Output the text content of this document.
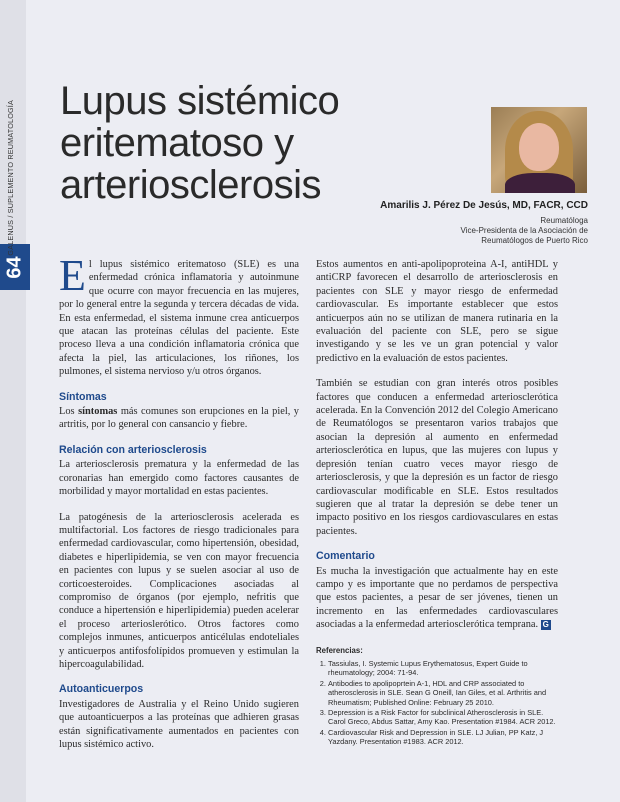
64
GALENUS / SUPLEMENTO REUMATOLOGÍA Lupus sistémico
eritematoso y
arteriosclerosis	Amarilis J. Pérez De Jesús, MD, FACR, CCD
Reumatóloga
Vice-Presidenta de la Asociación de
Reumatólogos de Puerto Rico

El lupus sistémico eritematoso (SLE) es una enfermedad crónica inflamatoria y autoinmune que ocurre con mayor frecuencia en las mujeres, por lo general entre la segunda y tercera décadas de vida. En esta enfermedad, el sistema inmune crea anticuerpos que atacan las proteínas células del paciente. Este proceso lleva a una condición inflamatoria crónica que afecta la piel, las articulaciones, los riñones, los pulmones, el sistema nervioso y/u otros órganos.

Síntomas

Los síntomas más comunes son erupciones en la piel, y artritis, por lo general con cansancio y fiebre.

Relación con arteriosclerosis

La arteriosclerosis prematura y la enfermedad de las coronarias han emergido como factores causantes de morbilidad y mayor mortalidad en estas pacientes.

La patogénesis de la arteriosclerosis acelerada es multifactorial. Los factores de riesgo tradicionales para enfermedad cardiovascular, como hipertensión, obesidad, diabetes e hiperlipidemia, se ven con mayor frecuencia en pacientes con lupus y se suelen asociar al uso de corticoesteroides. Complicaciones asociadas al compromiso de órganos (por ejemplo, nefritis que conduce a hipertensión e hiperlipidemia) pueden acelerar el proceso arterioslerótico. Otros factores como complejos inmunes, anticuerpos anticélulas endoteliales y anticuerpos antifosfolípidos promueven y estimulan la hipercoagulabilidad.

Autoanticuerpos

Investigadores de Australia y el Reino Unido sugieren que autoanticuerpos a las proteínas que adhieren grasas están significativamente aumentados en pacientes con lupus sistémico activo.

Estos aumentos en anti-apolipoproteina A-I, antiHDL y antiCRP favorecen el desarrollo de arteriosclerosis en pacientes con SLE y mayor riesgo de enfermedad cardiovascular. Es importante establecer que estos anticuerpos aún no se utilizan de manera rutinaria en la evaluación del paciente con SLE, pero se sigue investigando y se les ve un gran potencial y valor predictivo en la evaluación de estos pacientes.

También se estudian con gran interés otros posibles factores que conducen a enfermedad arteriosclerótica acelerada. En la Convención 2012 del Colegio Americano de Reumatólogos se presentaron varios trabajos que asocian la depresión al aumento en enfermedad arteriosclerótica en lupus, que las mujeres con lupus y depresión tenían cuatro veces mayor riesgo de arteriosclerosis, y que la depresión es un factor de riesgo cardiovascular modificable en SLE. Estos resultados sugieren que al tratar la depresión se debe tener un impacto positivo en los riesgos cardiovasculares en estas pacientes.

Comentario

Es mucha la investigación que actualmente hay en este campo y es importante que no perdamos de perspectiva que estos pacientes, a pesar de ser jóvenes, tienen un incremento en las enfermedades cardiovasculares asociadas a la enfermedad arteriosclerótica temprana. G

Referencias:
1. Tassiulas, I. Systemic Lupus Erythematosus, Expert Guide to rheumatology; 2004: 71-94.
2. Antibodies to apolipoprtein A-1, HDL and CRP associated to atherosclerosis in SLE. Sean G Oneill, Ian Giles, et al. Arthritis and Rheumatism; Published Online: February 25 2010.
3. Depression is a Risk Factor for subclinical Atherosclerosis in SLE. Carol Greco, Abdus Sattar, Amy Kao. Presentation #1984. ACR 2012.
4. Cardiovascular Risk and Depression in SLE. LJ Julian, PP Katz, J Yazdany. Presentation #1983. ACR 2012.
